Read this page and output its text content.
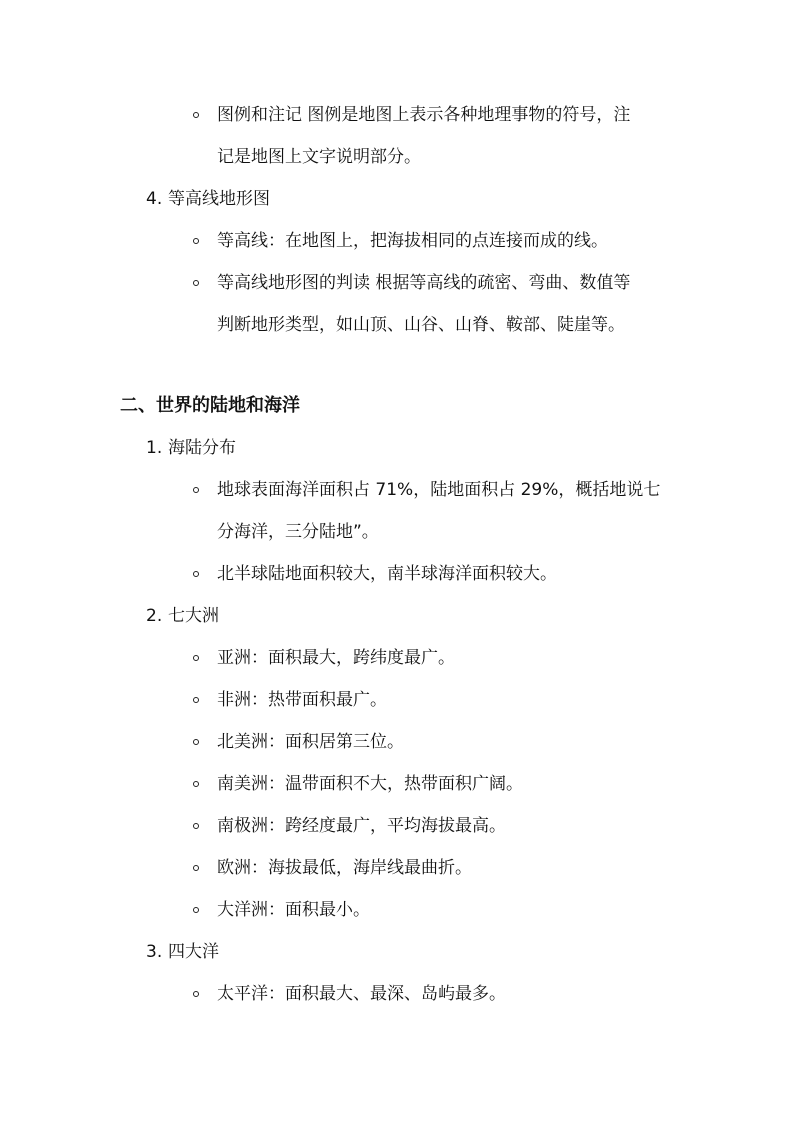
图例和注记 图例是地图上表示各种地理事物的符号，注
记是地图上文字说明部分。
4. 等高线地形图
等高线：在地图上，把海拔相同的点连接而成的线。
等高线地形图的判读 根据等高线的疏密、弯曲、数值等
判断地形类型，如山顶、山谷、山脊、鞍部、陡崖等。
二、世界的陆地和海洋
1. 海陆分布
地球表面海洋面积占 71%，陆地面积占 29%，概括地说七
分海洋，三分陆地”。
北半球陆地面积较大，南半球海洋面积较大。
2. 七大洲
亚洲：面积最大，跨纬度最广。
非洲：热带面积最广。
北美洲：面积居第三位。
南美洲：温带面积不大，热带面积广阔。
南极洲：跨经度最广，平均海拔最高。
欧洲：海拔最低，海岸线最曲折。
大洋洲：面积最小。
3. 四大洋
太平洋：面积最大、最深、岛屿最多。
